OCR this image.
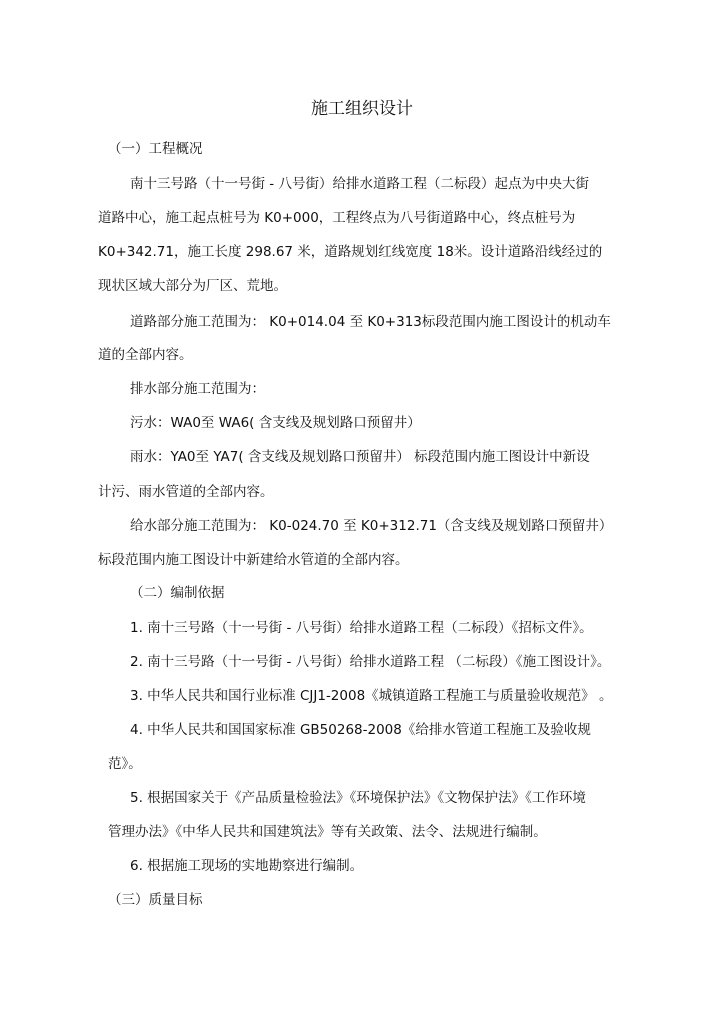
施工组织设计
（一）工程概况
南十三号路（十一号街 - 八号街）给排水道路工程（二标段）起点为中央大街
道路中心，施工起点桩号为 K0+000，工程终点为八号街道路中心，终点桩号为
K0+342.71，施工长度 298.67 米，道路规划红线宽度 18米。设计道路沿线经过的
现状区域大部分为厂区、荒地。
道路部分施工范围为： K0+014.04 至 K0+313标段范围内施工图设计的机动车
道的全部内容。
排水部分施工范围为：
污水：WA0至 WA6( 含支线及规划路口预留井）
雨水：YA0至 YA7( 含支线及规划路口预留井） 标段范围内施工图设计中新设
计污、雨水管道的全部内容。
给水部分施工范围为： K0-024.70 至 K0+312.71（含支线及规划路口预留井）
标段范围内施工图设计中新建给水管道的全部内容。
（二）编制依据
1. 南十三号路（十一号街 - 八号街）给排水道路工程（二标段）《招标文件》。
2. 南十三号路（十一号街 - 八号街）给排水道路工程 （二标段）《施工图设计》。
3. 中华人民共和国行业标准 CJJ1-2008《城镇道路工程施工与质量验收规范》 。
4. 中华人民共和国国家标准 GB50268-2008《给排水管道工程施工及验收规
范》。
5. 根据国家关于《产品质量检验法》《环境保护法》《文物保护法》《工作环境
管理办法》《中华人民共和国建筑法》等有关政策、法令、法规进行编制。
6. 根据施工现场的实地勘察进行编制。
（三）质量目标
